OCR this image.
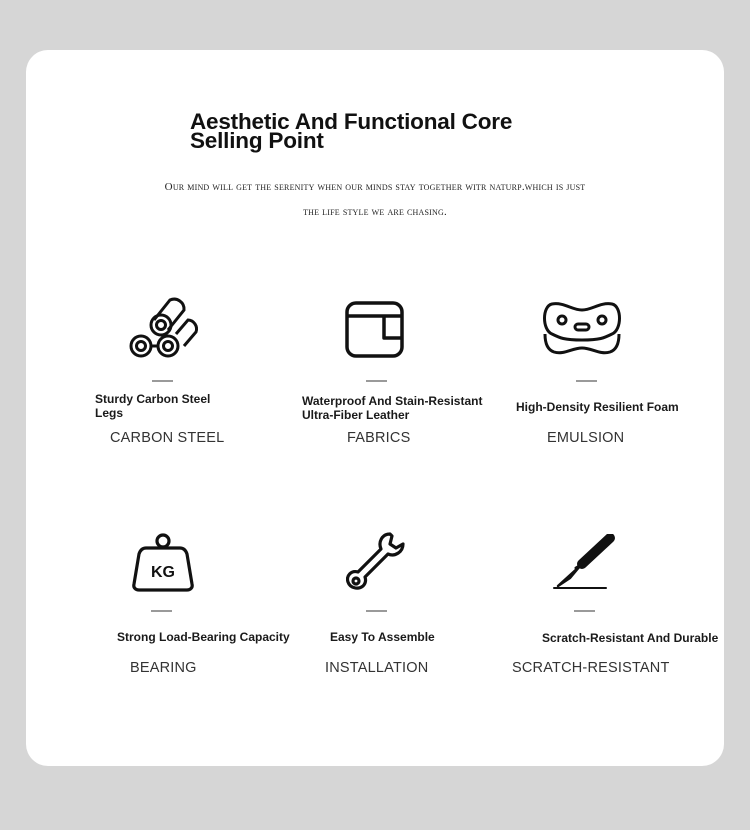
Aesthetic And Functional Core
Selling Point
Our mind will get the serenity when our minds stay together witr naturp.which is just
the life style we are chasing.
Sturdy Carbon Steel
Legs
CARBON STEEL
Waterproof And Stain-Resistant
Ultra-Fiber Leather
FABRICS
High-Density Resilient Foam
EMULSION
KG
Strong Load-Bearing Capacity
BEARING
Easy To Assemble
INSTALLATION
Scratch-Resistant And Durable
SCRATCH-RESISTANT
